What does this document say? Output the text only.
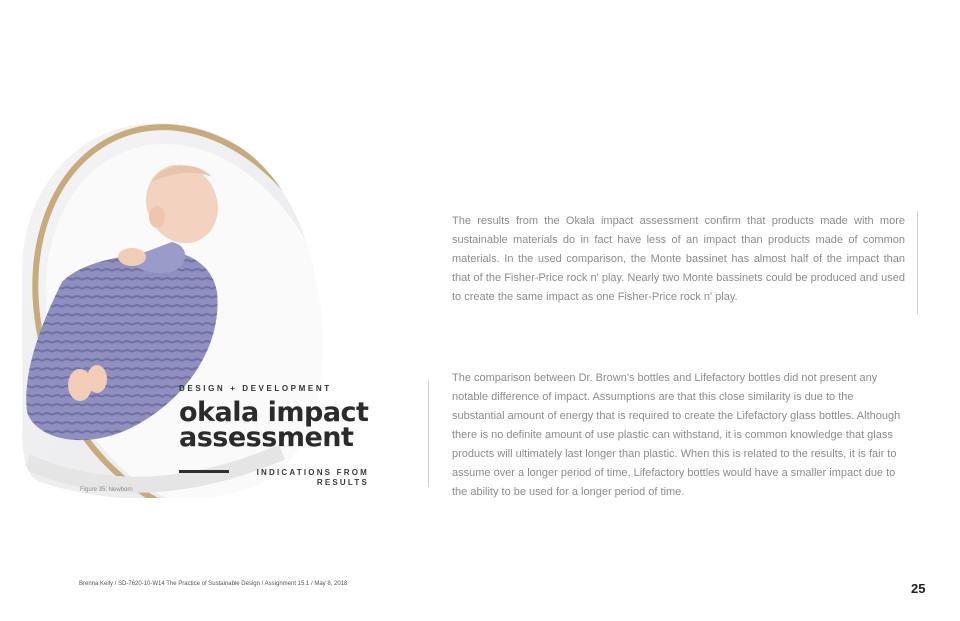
Figure 35: Newborn
DESIGN + DEVELOPMENT
okala impact assessment
INDICATIONS FROM RESULTS
The results from the Okala impact assessment confirm that products made with more sustainable materials do in fact have less of an impact than products made of common materials. In the used comparison, the Monte bassinet has almost half of the impact than that of the Fisher-Price rock n' play. Nearly two Monte bassinets could be produced and used to create the same impact as one Fisher-Price rock n' play.
The comparison between Dr. Brown's bottles and Lifefactory bottles did not present any notable difference of impact. Assumptions are that this close similarity is due to the substantial amount of energy that is required to create the Lifefactory glass bottles. Although there is no definite amount of use plastic can withstand, it is common knowledge that glass products will ultimately last longer than plastic. When this is related to the results, it is fair to assume over a longer period of time, Lifefactory bottles would have a smaller impact due to the ability to be used for a longer period of time.
Brenna Kelly / SD-7620-10-W14 The Practice of Sustainable Design / Assignment 15.1 / May 8, 2018	25
